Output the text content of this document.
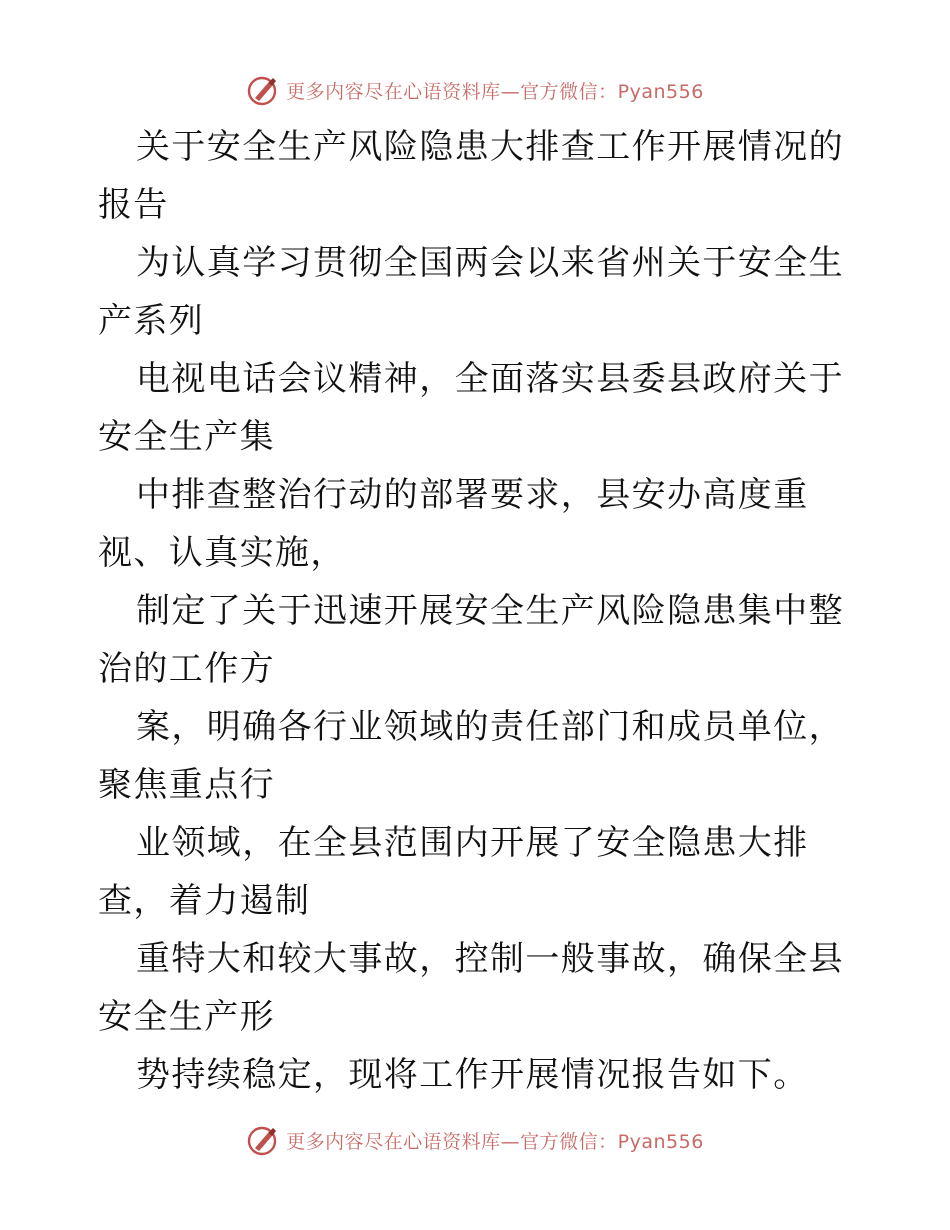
更多内容尽在心语资料库—官方微信：Pyan556

关于安全生产风险隐患大排查工作开展情况的报告

为认真学习贯彻全国两会以来省州关于安全生产系列

电视电话会议精神，全面落实县委县政府关于安全生产集

中排查整治行动的部署要求，县安办高度重视、认真实施，

制定了关于迅速开展安全生产风险隐患集中整治的工作方

案，明确各行业领域的责任部门和成员单位，聚焦重点行

业领域，在全县范围内开展了安全隐患大排查，着力遏制

重特大和较大事故，控制一般事故，确保全县安全生产形

势持续稳定，现将工作开展情况报告如下。

更多内容尽在心语资料库—官方微信：Pyan556
